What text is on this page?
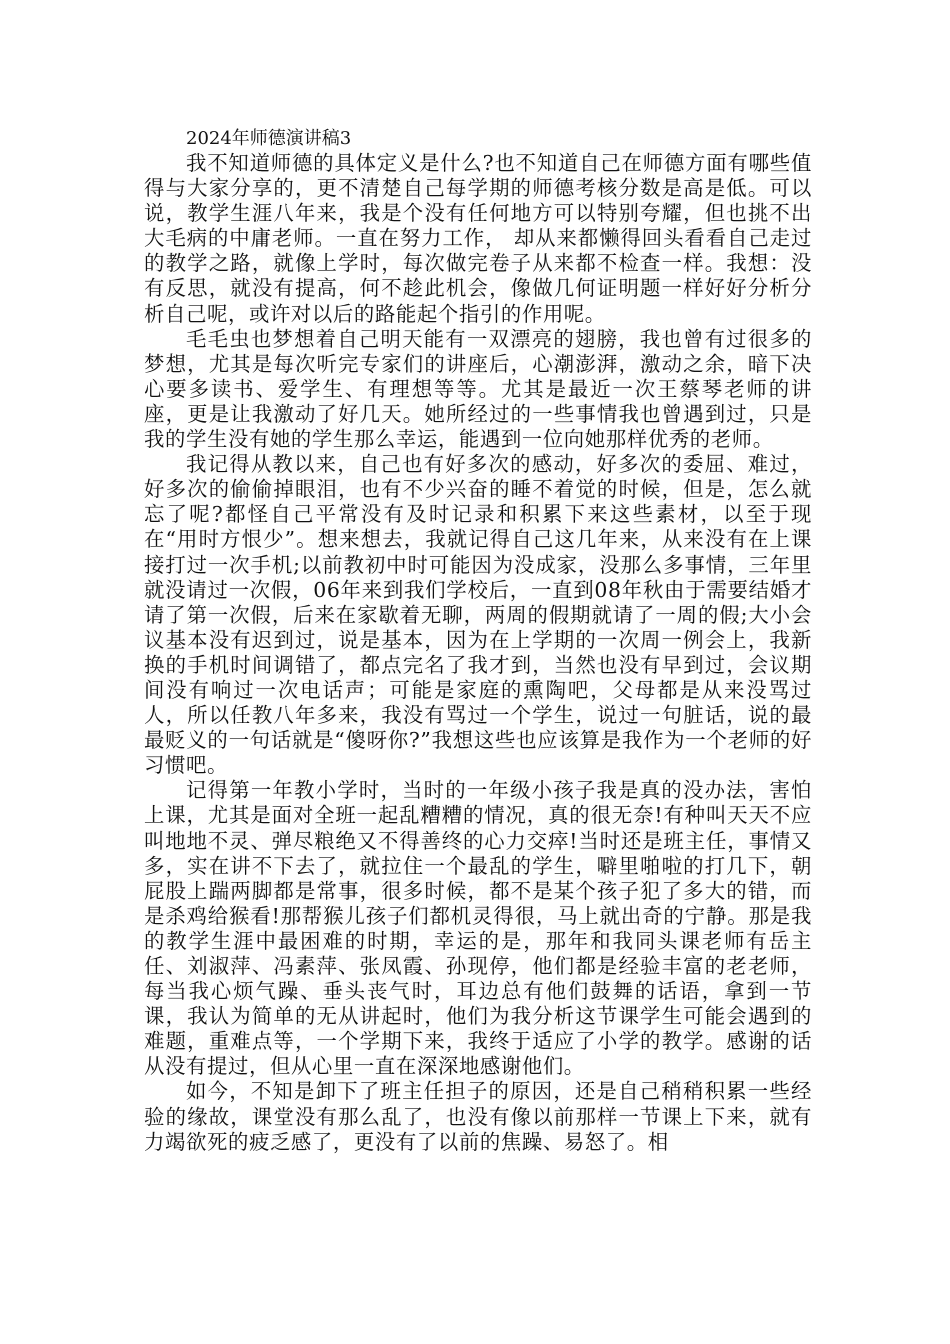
2024年师德演讲稿3

我不知道师德的具体定义是什么?也不知道自己在师德方面有哪些值得与大家分享的，更不清楚自己每学期的师德考核分数是高是低。可以说，教学生涯八年来，我是个没有任何地方可以特别夸耀，但也挑不出大毛病的中庸老师。一直在努力工作， 却从来都懒得回头看看自己走过的教学之路，就像上学时，每次做完卷子从来都不检查一样。我想：没有反思，就没有提高，何不趁此机会，像做几何证明题一样好好分析分析自己呢，或许对以后的路能起个指引的作用呢。

毛毛虫也梦想着自己明天能有一双漂亮的翅膀，我也曾有过很多的梦想，尤其是每次听完专家们的讲座后，心潮澎湃，激动之余，暗下决心要多读书、爱学生、有理想等等。尤其是最近一次王蔡琴老师的讲座，更是让我激动了好几天。她所经过的一些事情我也曾遇到过，只是我的学生没有她的学生那么幸运，能遇到一位向她那样优秀的老师。

我记得从教以来，自己也有好多次的感动，好多次的委屈、难过，好多次的偷偷掉眼泪，也有不少兴奋的睡不着觉的时候，但是，怎么就忘了呢?都怪自己平常没有及时记录和积累下来这些素材，以至于现在“用时方恨少”。想来想去，我就记得自己这几年来，从来没有在上课接打过一次手机;以前教初中时可能因为没成家，没那么多事情，三年里就没请过一次假，06年来到我们学校后，一直到08年秋由于需要结婚才请了第一次假，后来在家歇着无聊，两周的假期就请了一周的假;大小会议基本没有迟到过，说是基本，因为在上学期的一次周一例会上，我新换的手机时间调错了，都点完名了我才到，当然也没有早到过，会议期间没有响过一次电话声；可能是家庭的熏陶吧，父母都是从来没骂过人，所以任教八年多来，我没有骂过一个学生，说过一句脏话，说的最最贬义的一句话就是“傻呀你?”我想这些也应该算是我作为一个老师的好习惯吧。

记得第一年教小学时，当时的一年级小孩子我是真的没办法，害怕上课，尤其是面对全班一起乱糟糟的情况，真的很无奈!有种叫天天不应叫地地不灵、弹尽粮绝又不得善终的心力交瘁!当时还是班主任，事情又多，实在讲不下去了，就拉住一个最乱的学生，噼里啪啦的打几下，朝屁股上踹两脚都是常事，很多时候，都不是某个孩子犯了多大的错，而是杀鸡给猴看!那帮猴儿孩子们都机灵得很，马上就出奇的宁静。那是我的教学生涯中最困难的时期，幸运的是，那年和我同头课老师有岳主任、刘淑萍、冯素萍、张凤霞、孙现停，他们都是经验丰富的老老师，每当我心烦气躁、垂头丧气时，耳边总有他们鼓舞的话语，拿到一节课，我认为简单的无从讲起时，他们为我分析这节课学生可能会遇到的难题，重难点等，一个学期下来，我终于适应了小学的教学。感谢的话从没有提过，但从心里一直在深深地感谢他们。

如今，不知是卸下了班主任担子的原因，还是自己稍稍积累一些经验的缘故，课堂没有那么乱了，也没有像以前那样一节课上下来，就有力竭欲死的疲乏感了，更没有了以前的焦躁、易怒了。相
